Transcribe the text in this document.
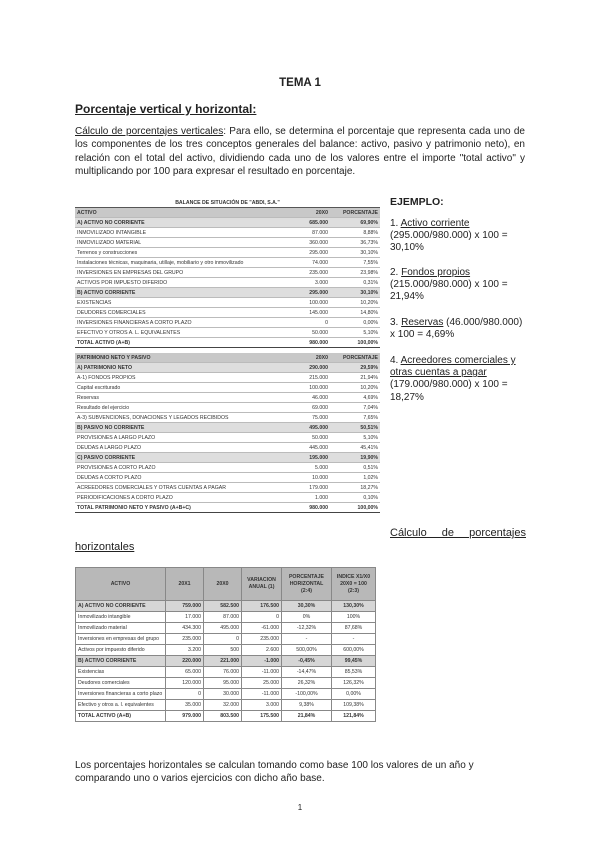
TEMA 1
Porcentaje vertical y horizontal:
Cálculo de porcentajes verticales: Para ello, se determina el porcentaje que representa cada uno de los componentes de los tres conceptos generales del balance: activo, pasivo y patrimonio neto), en relación con el total del activo, dividiendo cada uno de los valores entre el importe "total activo" y multiplicando por 100 para expresar el resultado en porcentaje.
BALANCE DE SITUACIÓN DE "ABDI, S.A."		
ACTIVO	20X0	PORCENTAJE
A) ACTIVO NO CORRIENTE	685.000	69,90%
INMOVILIZADO INTANGIBLE	87.000	8,88%
INMOVILIZADO MATERIAL	360.000	36,73%
Terrenos y construcciones	295.000	30,10%
Instalaciones técnicas, maquinaria, utillaje, mobiliario y otro inmovilizado	74.000	7,55%
INVERSIONES EN EMPRESAS DEL GRUPO	235.000	23,98%
ACTIVOS POR IMPUESTO DIFERIDO	3.000	0,31%
B) ACTIVO CORRIENTE	295.000	30,10%
EXISTENCIAS	100.000	10,20%
DEUDORES COMERCIALES	145.000	14,80%
INVERSIONES FINANCIERAS A CORTO PLAZO	0	0,00%
EFECTIVO Y OTROS A. L. EQUIVALENTES	50.000	5,10%
TOTAL ACTIVO (A+B)	980.000	100,00%

PATRIMONIO NETO Y PASIVO	20X0	PORCENTAJE
A) PATRIMONIO NETO	290.000	29,59%
A-1) FONDOS PROPIOS	215.000	21,94%
Capital escriturado	100.000	10,20%
Reservas	46.000	4,69%
Resultado del ejercicio	69.000	7,04%
A-3) SUBVENCIONES, DONACIONES Y LEGADOS RECIBIDOS	75.000	7,65%
B) PASIVO NO CORRIENTE	495.000	50,51%
PROVISIONES A LARGO PLAZO	50.000	5,10%
DEUDAS A LARGO PLAZO	445.000	45,41%
C) PASIVO CORRIENTE	195.000	19,90%
PROVISIONES A CORTO PLAZO	5.000	0,51%
DEUDAS A CORTO PLAZO	10.000	1,02%
ACREEDORES COMERCIALES Y OTRAS CUENTAS A PAGAR	179.000	18,27%
PERIODIFICACIONES A CORTO PLAZO	1.000	0,10%
TOTAL PATRIMONIO NETO Y PASIVO (A+B+C)	980.000	100,00%
EJEMPLO:
1. Activo corriente (295.000/980.000) x 100 = 30,10%
2. Fondos propios (215.000/980.000) x 100 = 21,94%
3. Reservas (46.000/980.000) x 100 = 4,69%
4. Acreedores comerciales y otras cuentas a pagar (179.000/980.000) x 100 = 18,27%
Cálculo de porcentajes
horizontales
ACTIVO	20X1	20X0	VARIACION ANUAL (1)	PORCENTAJE HORIZONTAL (2:4)	INDICE X1/X0 20X0 = 100 (2:3)
A) ACTIVO NO CORRIENTE	759.000	582.500	176.500	30,30%	130,30%
Inmovilizado intangible	17.000	87.000	0	0%	100%
Inmovilizado material	434.300	495.000	-61.000	-12,32%	87,68%
Inversiones en empresas del grupo	235.000	0	235.000	-	-
Activos por impuesto diferido	3.200	500	2.600	500,00%	600,00%
B) ACTIVO CORRIENTE	220.000	221.000	-1.000	-0,45%	99,45%
Existencias	65.000	76.000	-11.000	-14,47%	85,53%
Deudores comerciales	120.000	95.000	25.000	26,32%	126,32%
Inversiones financieras a corto plazo	0	30.000	-11.000	-100,00%	0,00%
Efectivo y otros a. l. equivalentes	35.000	32.000	3.000	9,38%	109,38%
TOTAL ACTIVO (A+B)	979.000	803.500	175.500	21,84%	121,84%
Los porcentajes horizontales se calculan tomando como base 100 los valores de un año y comparando uno o varios ejercicios con dicho año base.
1
